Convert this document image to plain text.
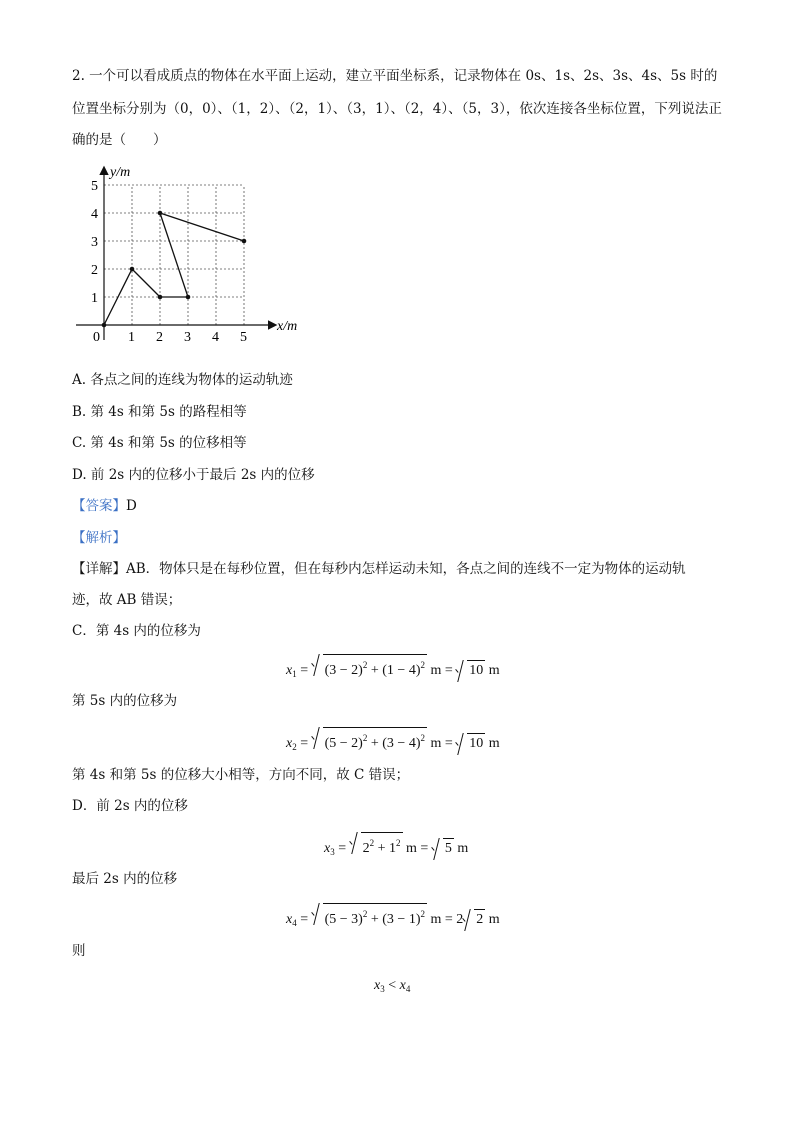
2. 一个可以看成质点的物体在水平面上运动，建立平面坐标系，记录物体在 0s、1s、2s、3s、4s、5s 时的
位置坐标分别为（0，0）、（1，2）、（2，1）、（3，1）、（2，4）、（5，3），依次连接各坐标位置，下列说法正
确的是（　　）
y/m
x/m
0 1 2 3 4 5
1
2
3
4
5
A. 各点之间的连线为物体的运动轨迹
B. 第 4s 和第 5s 的路程相等
C. 第 4s 和第 5s 的位移相等
D. 前 2s 内的位移小于最后 2s 内的位移
【答案】D
【解析】
【详解】AB．物体只是在每秒位置，但在每秒内怎样运动未知，各点之间的连线不一定为物体的运动轨
迹，故 AB 错误；
C．第 4s 内的位移为
$x_1 = (3 - 2)^2 + (1 - 4)^2$ m = 10 m
第 5s 内的位移为
$x_2 = (5 - 2)^2 + (3 - 4)^2$ m = 10 m
第 4s 和第 5s 的位移大小相等，方向不同，故 C 错误；
D．前 2s 内的位移
$x_3 = 2^2 + 1^2$ m = 5 m
最后 2s 内的位移
$x_4 = (5 - 3)^2 + (3 - 1)^2$ m = 2 2 m
则
$x_3 < x_4$
